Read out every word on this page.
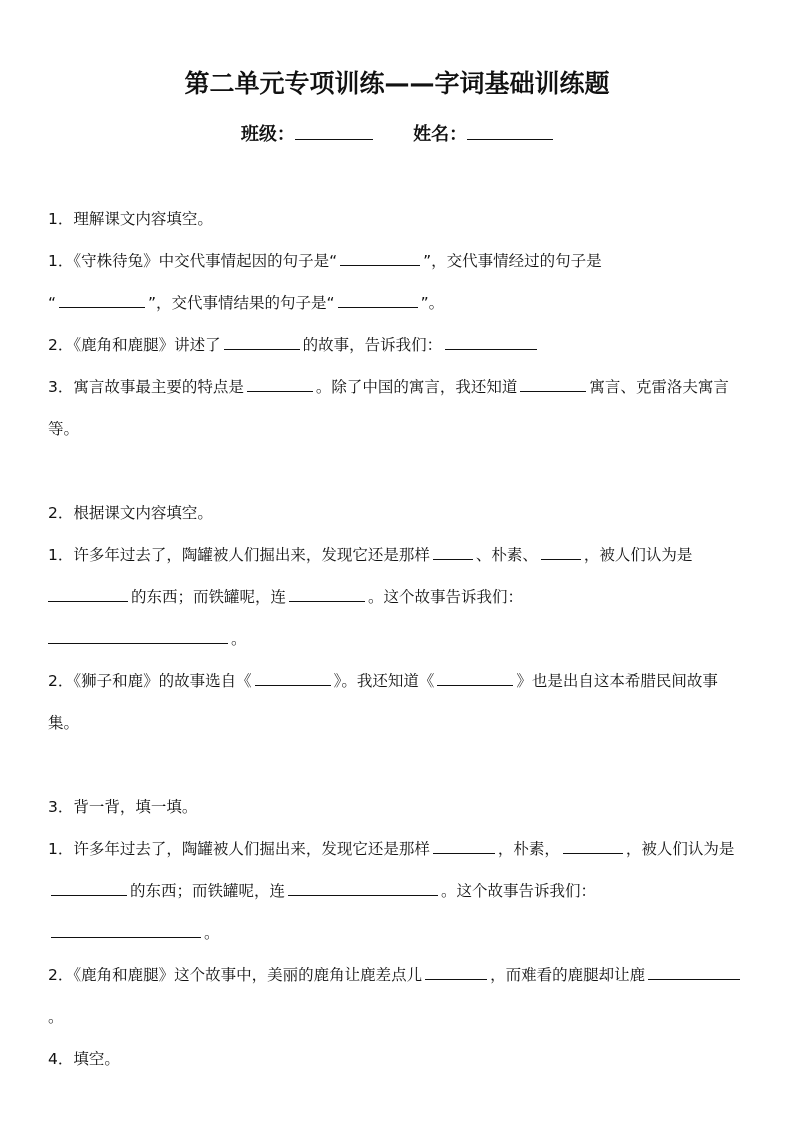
第二单元专项训练——字词基础训练题
班级：	姓名：

1．理解课文内容填空。

1．《守株待兔》中交代事情起因的句子是“	”，交代事情经过的句子是
“	”，交代事情结果的句子是“	”。

2．《鹿角和鹿腿》讲述了	的故事，告诉我们：

3．寓言故事最主要的特点是	。除了中国的寓言，我还知道	寓言、克雷洛夫寓言等。

2．根据课文内容填空。

1．许多年过去了，陶罐被人们掘出来，发现它还是那样	、朴素、	，被人们认为是
的东西；而铁罐呢，连	。这个故事告诉我们：
。

2．《狮子和鹿》的故事选自《	》。我还知道《	》也是出自这本希腊民间故事集。

3．背一背，填一填。

1．许多年过去了，陶罐被人们掘出来，发现它还是那样	，朴素，	，被人们认为是的东西；而铁罐呢，连	。这个故事告诉我们：。

2．《鹿角和鹿腿》这个故事中，美丽的鹿角让鹿差点儿	，而难看的鹿腿却让鹿。

4．填空。
